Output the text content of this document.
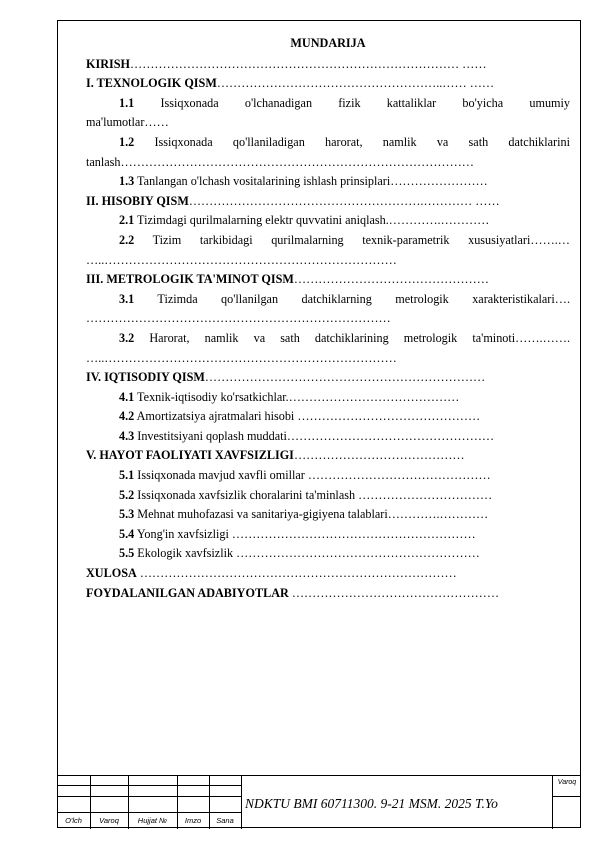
MUNDARIJA
KIRISH……………………………………………………………………… ……
I. TEXNOLOGIK QISM………………………………………………..…… ……
1.1 Issiqxonada o'lchanadigan fizik kattaliklar bo'yicha umumiy
ma'lumotlar……
1.2 Issiqxonada qo'llaniladigan harorat, namlik va sath datchiklarini
tanlash……………………………………………………………………………
1.3 Tanlangan o'lchash vositalarining ishlash prinsiplari……………………
II. HISOBIY QISM………………………………………………….………… ……
2.1 Tizimdagi qurilmalarning elektr quvvatini aniqlash.………….…………
2.2 Tizim tarkibidagi qurilmalarning texnik-parametrik xususiyatlari…….…
…..………………………………………………………………
III. METROLOGIK TA'MINOT QISM…………………………………………
3.1 Tizimda qo'llanilgan datchiklarning metrologik xarakteristikalari….
…………………………………………………………………
3.2 Harorat, namlik va sath datchiklarining metrologik ta'minoti…….…….
…..………………………………………………………………
IV. IQTISODIY QISM……………………………………………………………
4.1 Texnik-iqtisodiy ko'rsatkichlar.……………………………………
4.2 Amortizatsiya ajratmalari hisobi ………………………………………
4.3 Investitsiyani qoplash muddati……………………………………………
V. HAYOT FAOLIYATI XAVFSIZLIGI……………………………………
5.1 Issiqxonada mavjud xavfli omillar ………………………………………
5.2 Issiqxonada xavfsizlik choralarini ta'minlash ……………………………
5.3 Mehnat muhofazasi va sanitariya-gigiyena talablari………….…………
5.4 Yong'in xavfsizligi ……………………………………………………
5.5 Ekologik xavfsizlik ……………………………………………………
XULOSA ……………………………………………………………………
FOYDALANILGAN ADABIYOTLAR ……………………………………………
O'lch	Varoq	Hujjat №	Imzo	Sana
NDKTU BMI 60711300. 9-21 MSM. 2025 T.Yo
Varoq
